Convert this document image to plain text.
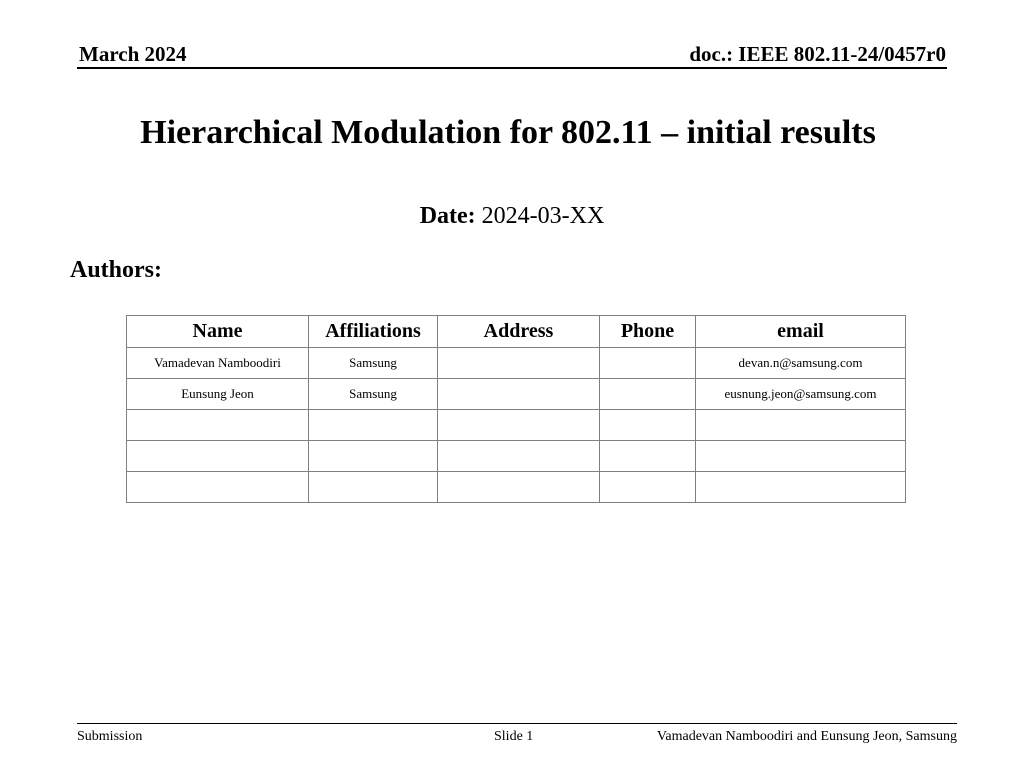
March 2024	doc.: IEEE 802.11-24/0457r0
Hierarchical Modulation for 802.11 – initial results
Date: 2024-03-XX
Authors:
Name	Affiliations	Address	Phone	email
Vamadevan Namboodiri	Samsung			devan.n@samsung.com
Eunsung Jeon	Samsung			eusnung.jeon@samsung.com

Submission	Slide 1	Vamadevan Namboodiri and Eunsung Jeon, Samsung
